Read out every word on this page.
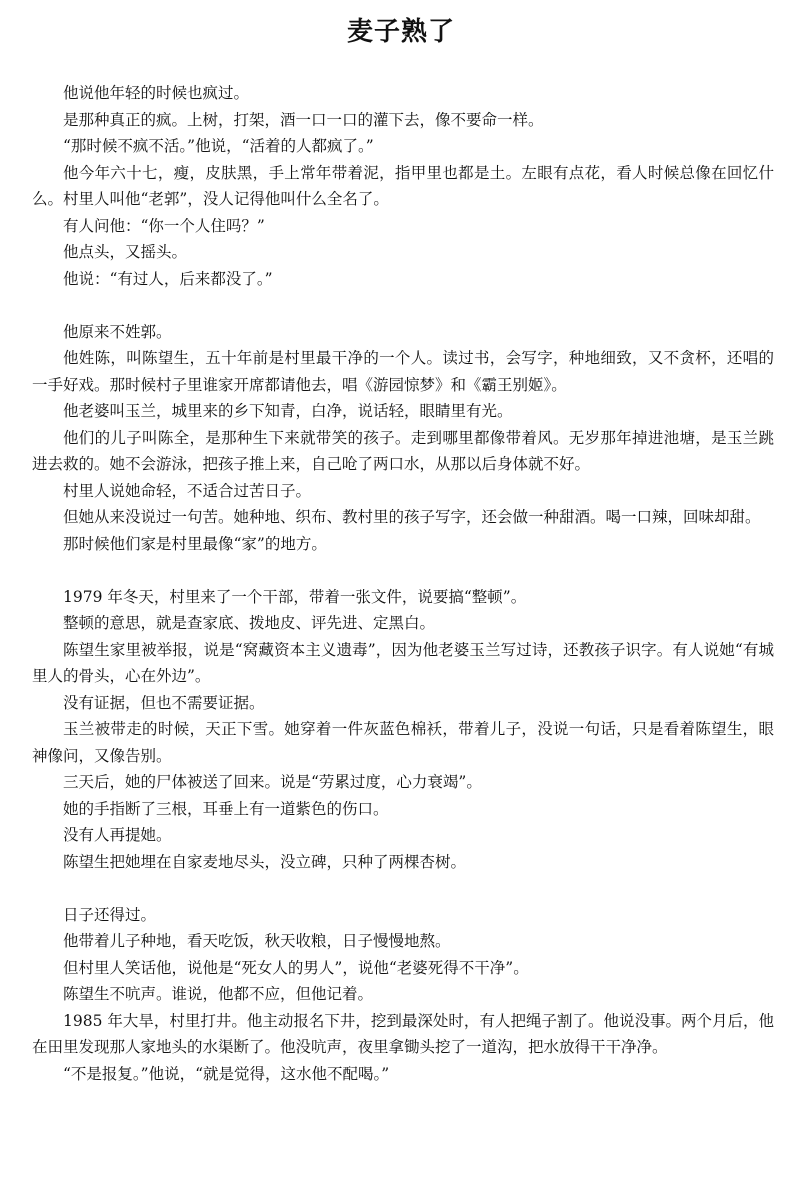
麦子熟了

他说他年轻的时候也疯过。

是那种真正的疯。上树，打架，酒一口一口的灌下去，像不要命一样。

“那时候不疯不活。”他说，“活着的人都疯了。”

他今年六十七，瘦，皮肤黑，手上常年带着泥，指甲里也都是土。左眼有点花，看人时候总像在回忆什么。村里人叫他“老郭”，没人记得他叫什么全名了。

有人问他：“你一个人住吗？”

他点头，又摇头。

他说：“有过人，后来都没了。”

他原来不姓郭。

他姓陈，叫陈望生，五十年前是村里最干净的一个人。读过书，会写字，种地细致，又不贪杯，还唱的一手好戏。那时候村子里谁家开席都请他去，唱《游园惊梦》和《霸王别姬》。

他老婆叫玉兰，城里来的乡下知青，白净，说话轻，眼睛里有光。

他们的儿子叫陈全，是那种生下来就带笑的孩子。走到哪里都像带着风。无岁那年掉进池塘，是玉兰跳进去救的。她不会游泳，把孩子推上来，自己呛了两口水，从那以后身体就不好。

村里人说她命轻，不适合过苦日子。

但她从来没说过一句苦。她种地、织布、教村里的孩子写字，还会做一种甜酒。喝一口辣，回味却甜。

那时候他们家是村里最像“家”的地方。

1979 年冬天，村里来了一个干部，带着一张文件，说要搞“整顿”。

整顿的意思，就是查家底、拨地皮、评先进、定黑白。

陈望生家里被举报，说是“窝藏资本主义遗毒”，因为他老婆玉兰写过诗，还教孩子识字。有人说她“有城里人的骨头，心在外边”。

没有证据，但也不需要证据。

玉兰被带走的时候，天正下雪。她穿着一件灰蓝色棉袄，带着儿子，没说一句话，只是看着陈望生，眼神像问，又像告别。

三天后，她的尸体被送了回来。说是“劳累过度，心力衰竭”。

她的手指断了三根，耳垂上有一道紫色的伤口。

没有人再提她。

陈望生把她埋在自家麦地尽头，没立碑，只种了两棵杏树。

日子还得过。

他带着儿子种地，看天吃饭，秋天收粮，日子慢慢地熬。

但村里人笑话他，说他是“死女人的男人”，说他“老婆死得不干净”。

陈望生不吭声。谁说，他都不应，但他记着。

1985 年大旱，村里打井。他主动报名下井，挖到最深处时，有人把绳子割了。他说没事。两个月后，他在田里发现那人家地头的水渠断了。他没吭声，夜里拿锄头挖了一道沟，把水放得干干净净。

“不是报复。”他说，“就是觉得，这水他不配喝。”
